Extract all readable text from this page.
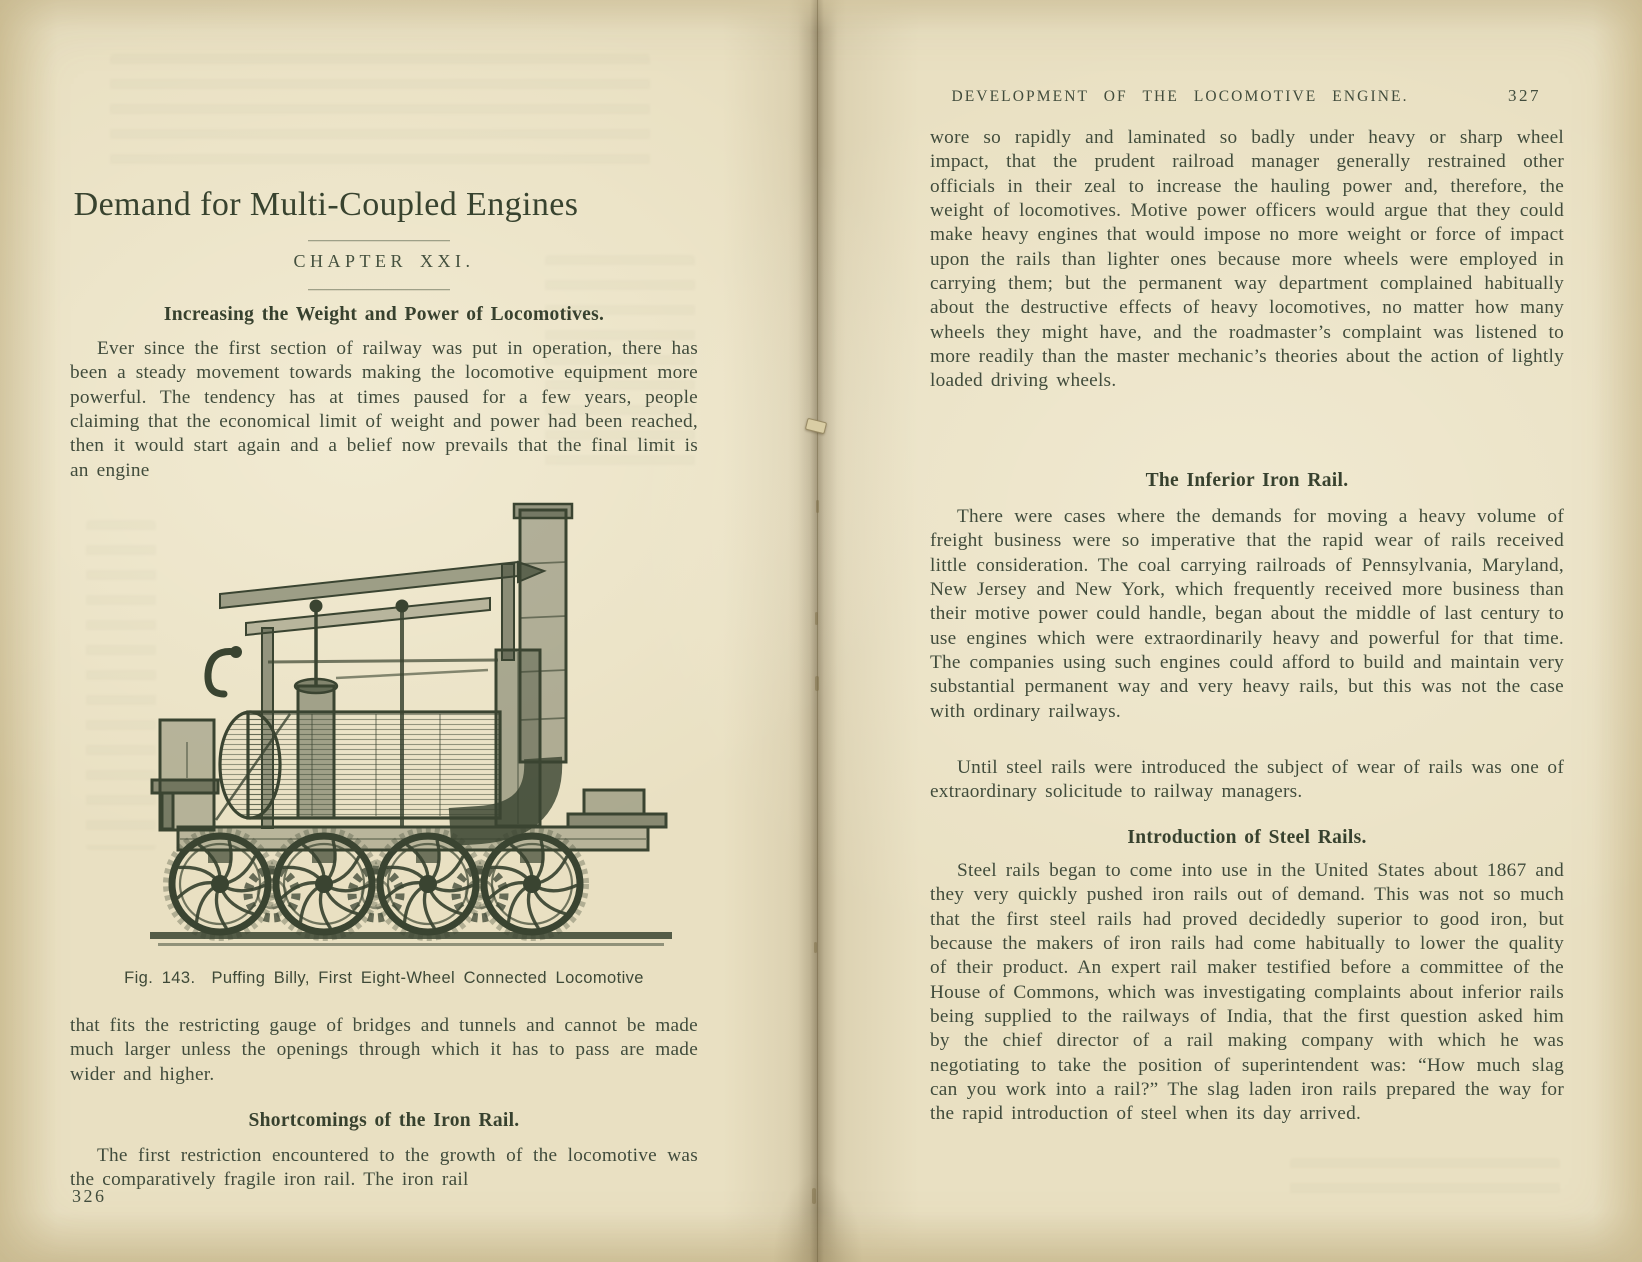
Demand for Multi-Coupled Engines
CHAPTER XXI.
Increasing the Weight and Power of Locomotives.

Ever since the first section of railway was put in operation, there has been a steady movement towards making the locomotive equipment more powerful. The tendency has at times paused for a few years, people claiming that the economical limit of weight and power had been reached, then it would start again and a belief now prevails that the final limit is an engine

Fig. 143. Puffing Billy, First Eight-Wheel Connected Locomotive

that fits the restricting gauge of bridges and tunnels and cannot be made much larger unless the openings through which it has to pass are made wider and higher.

Shortcomings of the Iron Rail.

The first restriction encountered to the growth of the locomotive was the comparatively fragile iron rail. The iron rail

326
DEVELOPMENT OF THE LOCOMOTIVE ENGINE.	327

wore so rapidly and laminated so badly under heavy or sharp wheel impact, that the prudent railroad manager generally restrained other officials in their zeal to increase the hauling power and, therefore, the weight of locomotives. Motive power officers would argue that they could make heavy engines that would impose no more weight or force of impact upon the rails than lighter ones because more wheels were employed in carrying them; but the permanent way department complained habitually about the destructive effects of heavy locomotives, no matter how many wheels they might have, and the roadmaster’s complaint was listened to more readily than the master mechanic’s theories about the action of lightly loaded driving wheels.

The Inferior Iron Rail.

There were cases where the demands for moving a heavy volume of freight business were so imperative that the rapid wear of rails received little consideration. The coal carrying railroads of Pennsylvania, Maryland, New Jersey and New York, which frequently received more business than their motive power could handle, began about the middle of last century to use engines which were extraordinarily heavy and powerful for that time. The companies using such engines could afford to build and maintain very substantial permanent way and very heavy rails, but this was not the case with ordinary railways.

Until steel rails were introduced the subject of wear of rails was one of extraordinary solicitude to railway managers.

Introduction of Steel Rails.

Steel rails began to come into use in the United States about 1867 and they very quickly pushed iron rails out of demand. This was not so much that the first steel rails had proved decidedly superior to good iron, but because the makers of iron rails had come habitually to lower the quality of their product. An expert rail maker testified before a committee of the House of Commons, which was investigating complaints about inferior rails being supplied to the railways of India, that the first question asked him by the chief director of a rail making company with which he was negotiating to take the position of superintendent was: “How much slag can you work into a rail?” The slag laden iron rails prepared the way for the rapid introduction of steel when its day arrived.
